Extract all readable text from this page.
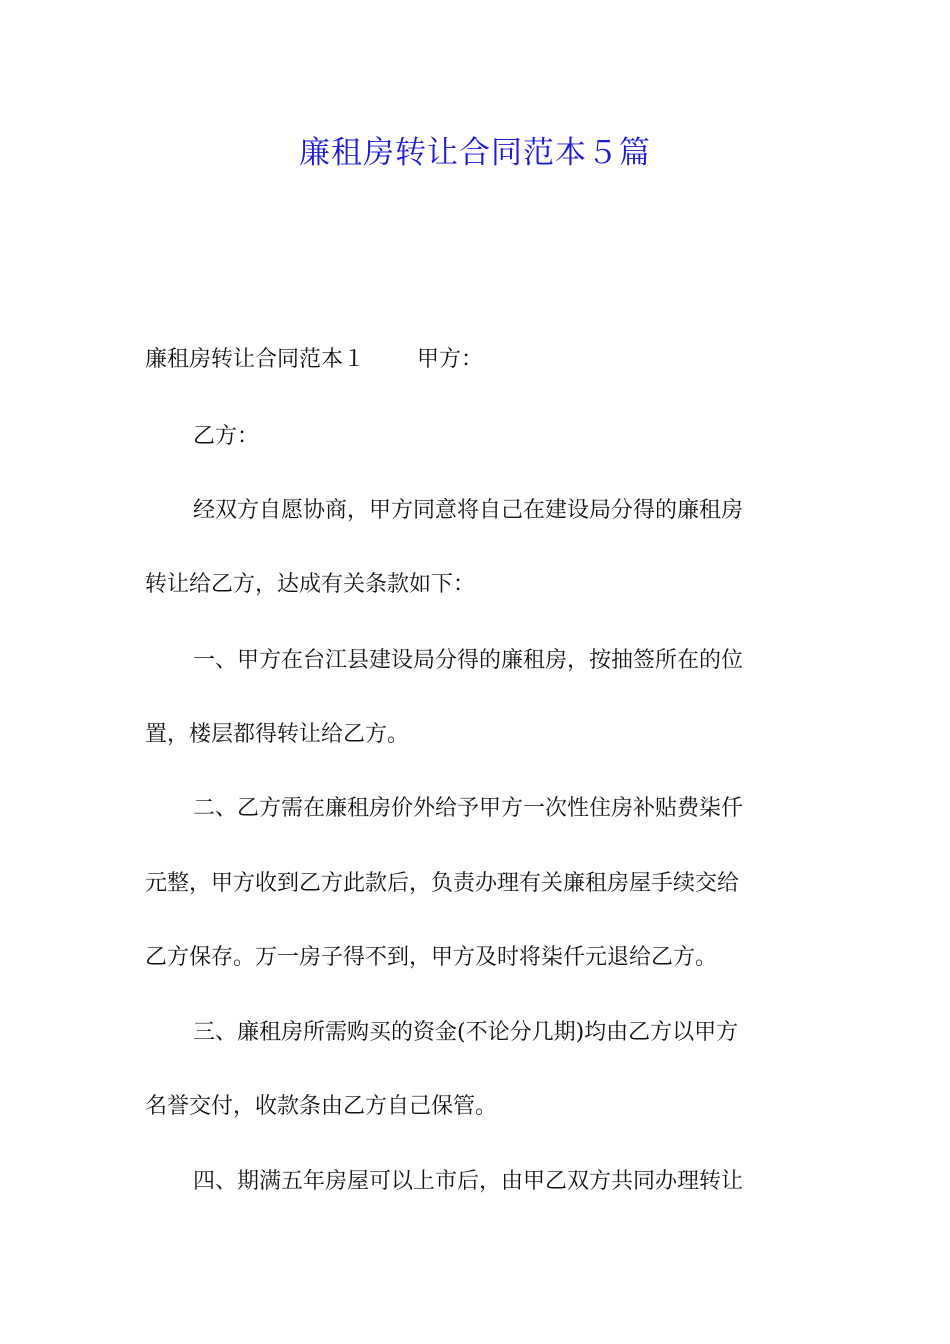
廉租房转让合同范本５篇
廉租房转让合同范本１ 甲方：
乙方：
经双方自愿协商，甲方同意将自己在建设局分得的廉租房
转让给乙方，达成有关条款如下：
一、甲方在台江县建设局分得的廉租房，按抽签所在的位
置，楼层都得转让给乙方。
二、乙方需在廉租房价外给予甲方一次性住房补贴费柒仟
元整，甲方收到乙方此款后，负责办理有关廉租房屋手续交给
乙方保存。万一房子得不到，甲方及时将柒仟元退给乙方。
三、廉租房所需购买的资金(不论分几期)均由乙方以甲方
名誉交付，收款条由乙方自己保管。
四、期满五年房屋可以上市后，由甲乙双方共同办理转让
